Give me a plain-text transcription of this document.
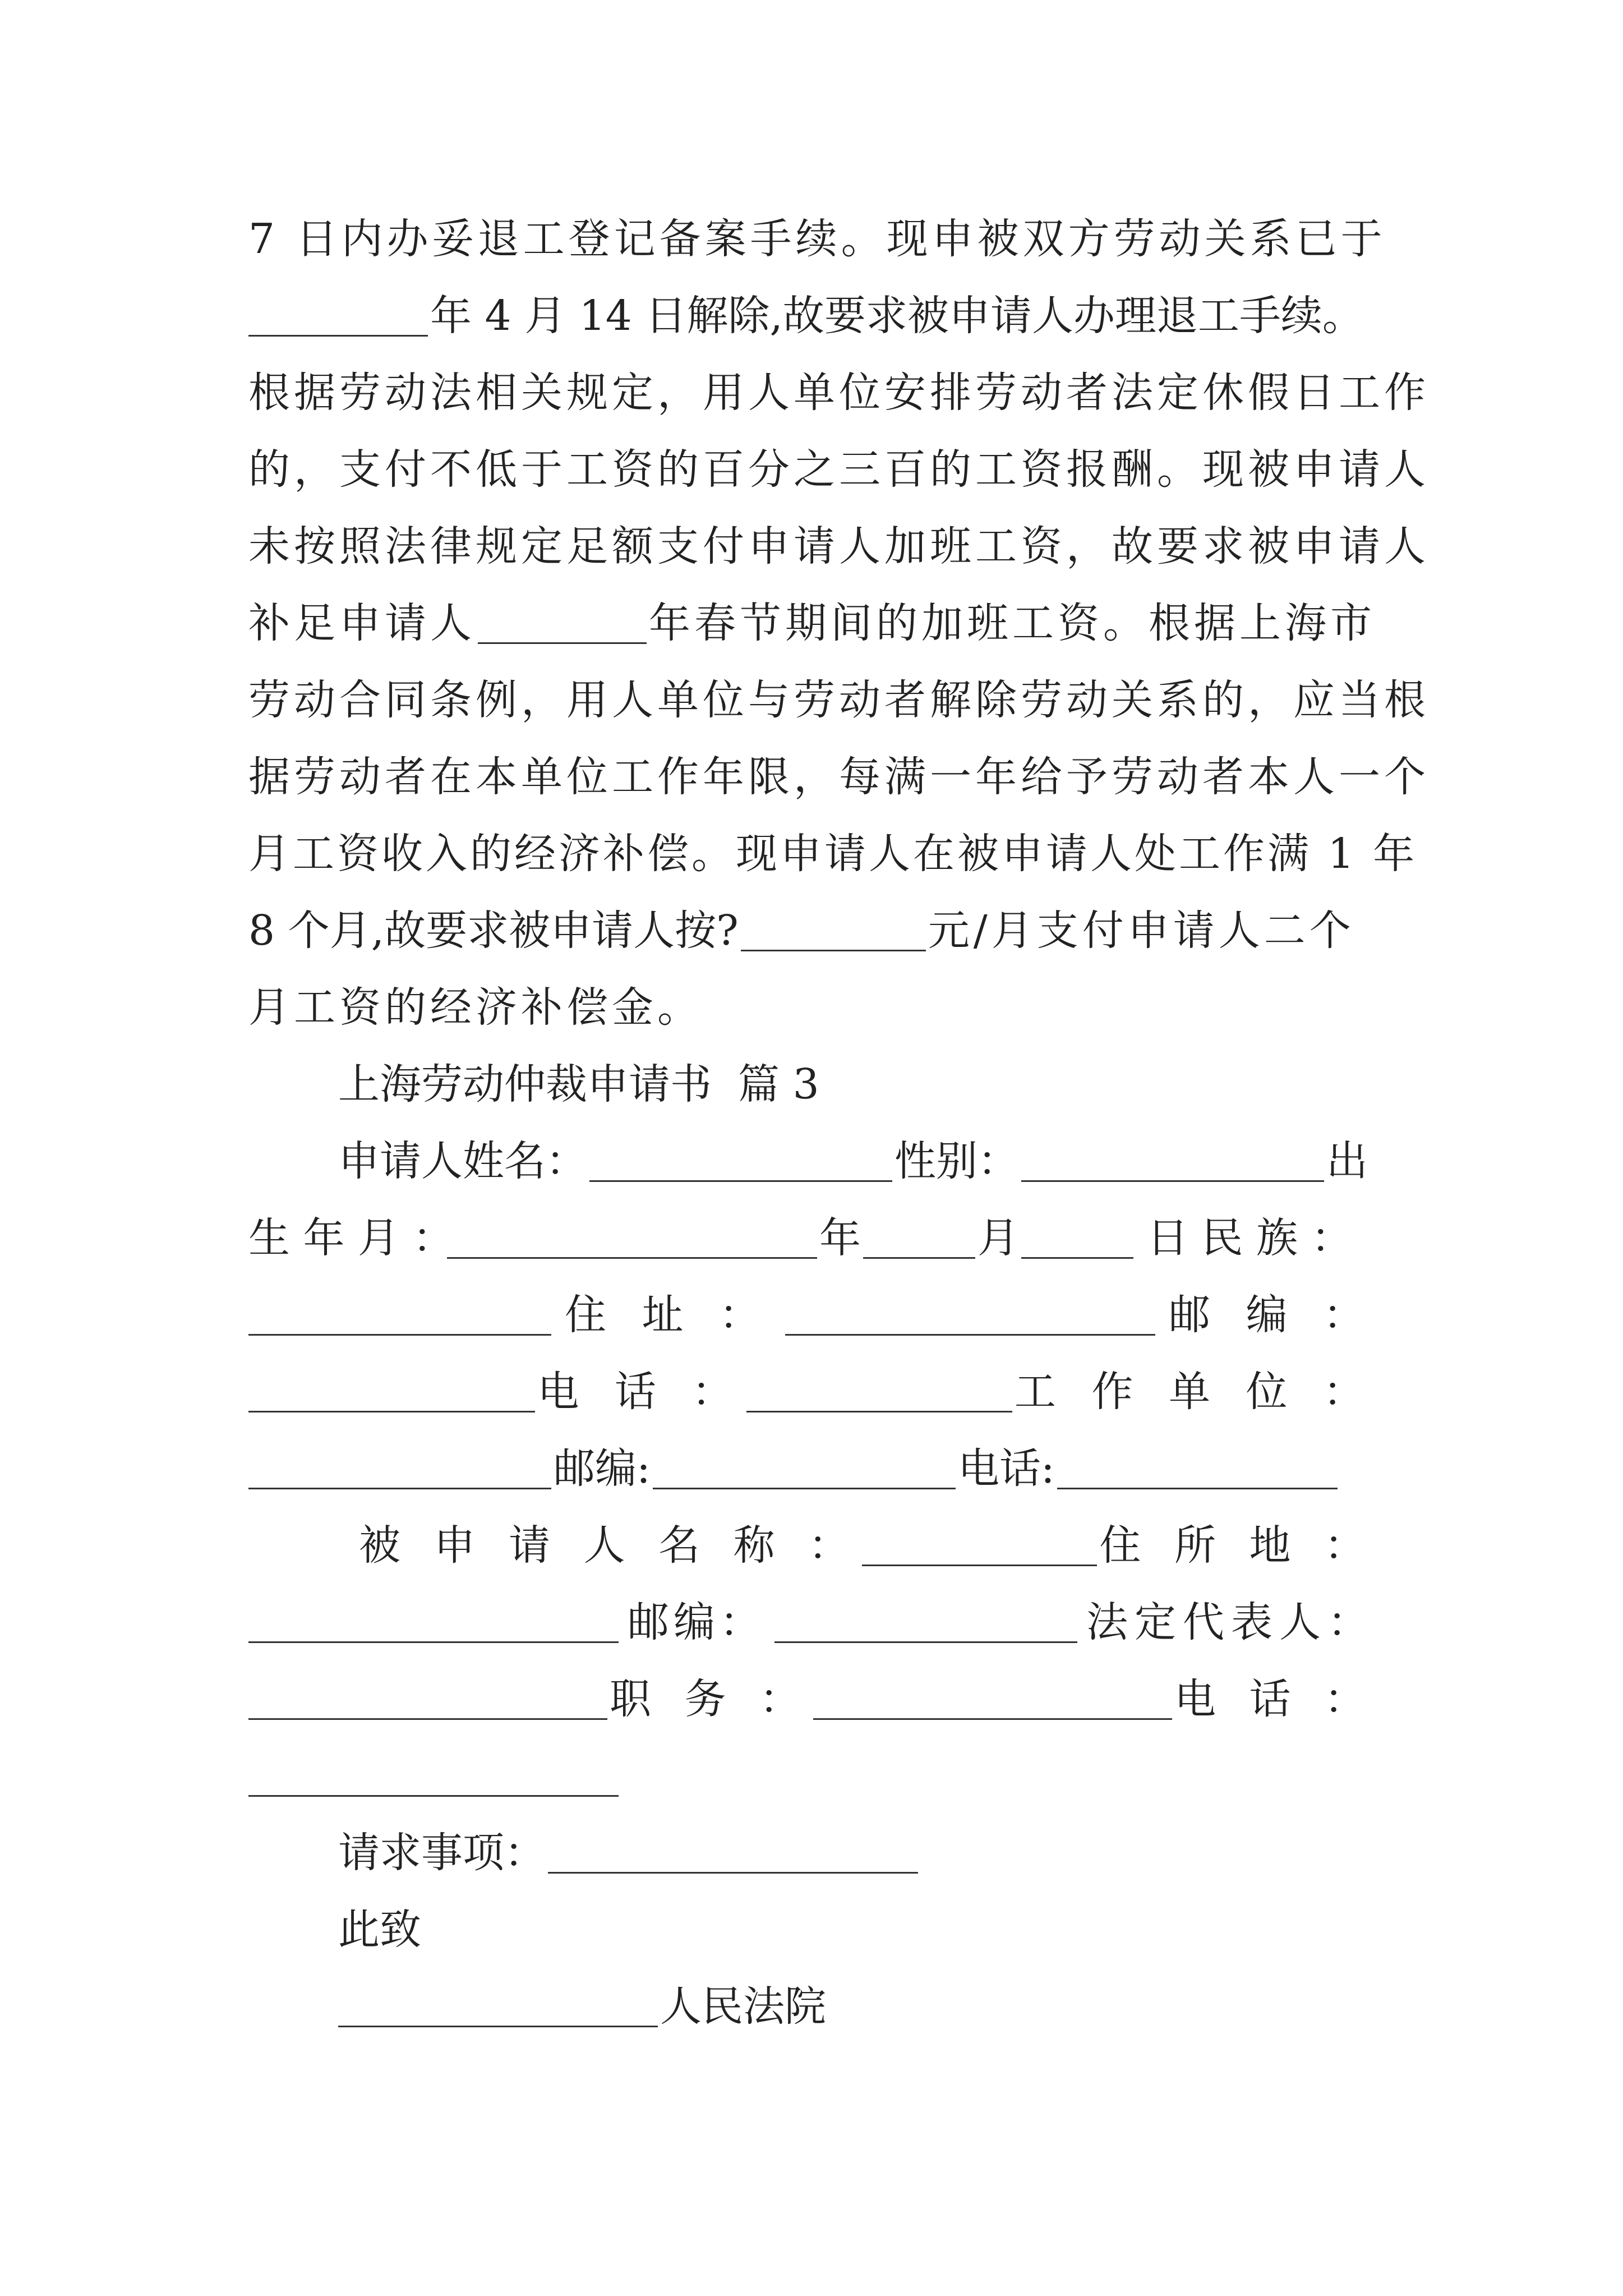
7 日内办妥退工登记备案手续。现申被双方劳动关系已于
年 4 月 14 日解除,故要求被申请人办理退工手续。
根据劳动法相关规定，用人单位安排劳动者法定休假日工作
的，支付不低于工资的百分之三百的工资报酬。现被申请人
未按照法律规定足额支付申请人加班工资，故要求被申请人
补足申请人	年春节期间的加班工资。根据上海市
劳动合同条例，用人单位与劳动者解除劳动关系的，应当根
据劳动者在本单位工作年限，每满一年给予劳动者本人一个
月工资收入的经济补偿。现申请人在被申请人处工作满 1 年
8 个月,故要求被申请人按?	元/月支付申请人二个
月工资的经济补偿金。
上海劳动仲裁申请书  篇 3
申请人姓名：	性别：	出
生 年 月 ：	年	月	日 民 族 ：
住 址 ：	邮 编 ：
电 话 ：	工 作 单 位 ：
邮编:	电话:
被 申 请 人 名 称 ：	住 所 地 ：
邮编：	法定代表人：
职 务 ：	电 话 ：
请求事项：
此致
人民法院
